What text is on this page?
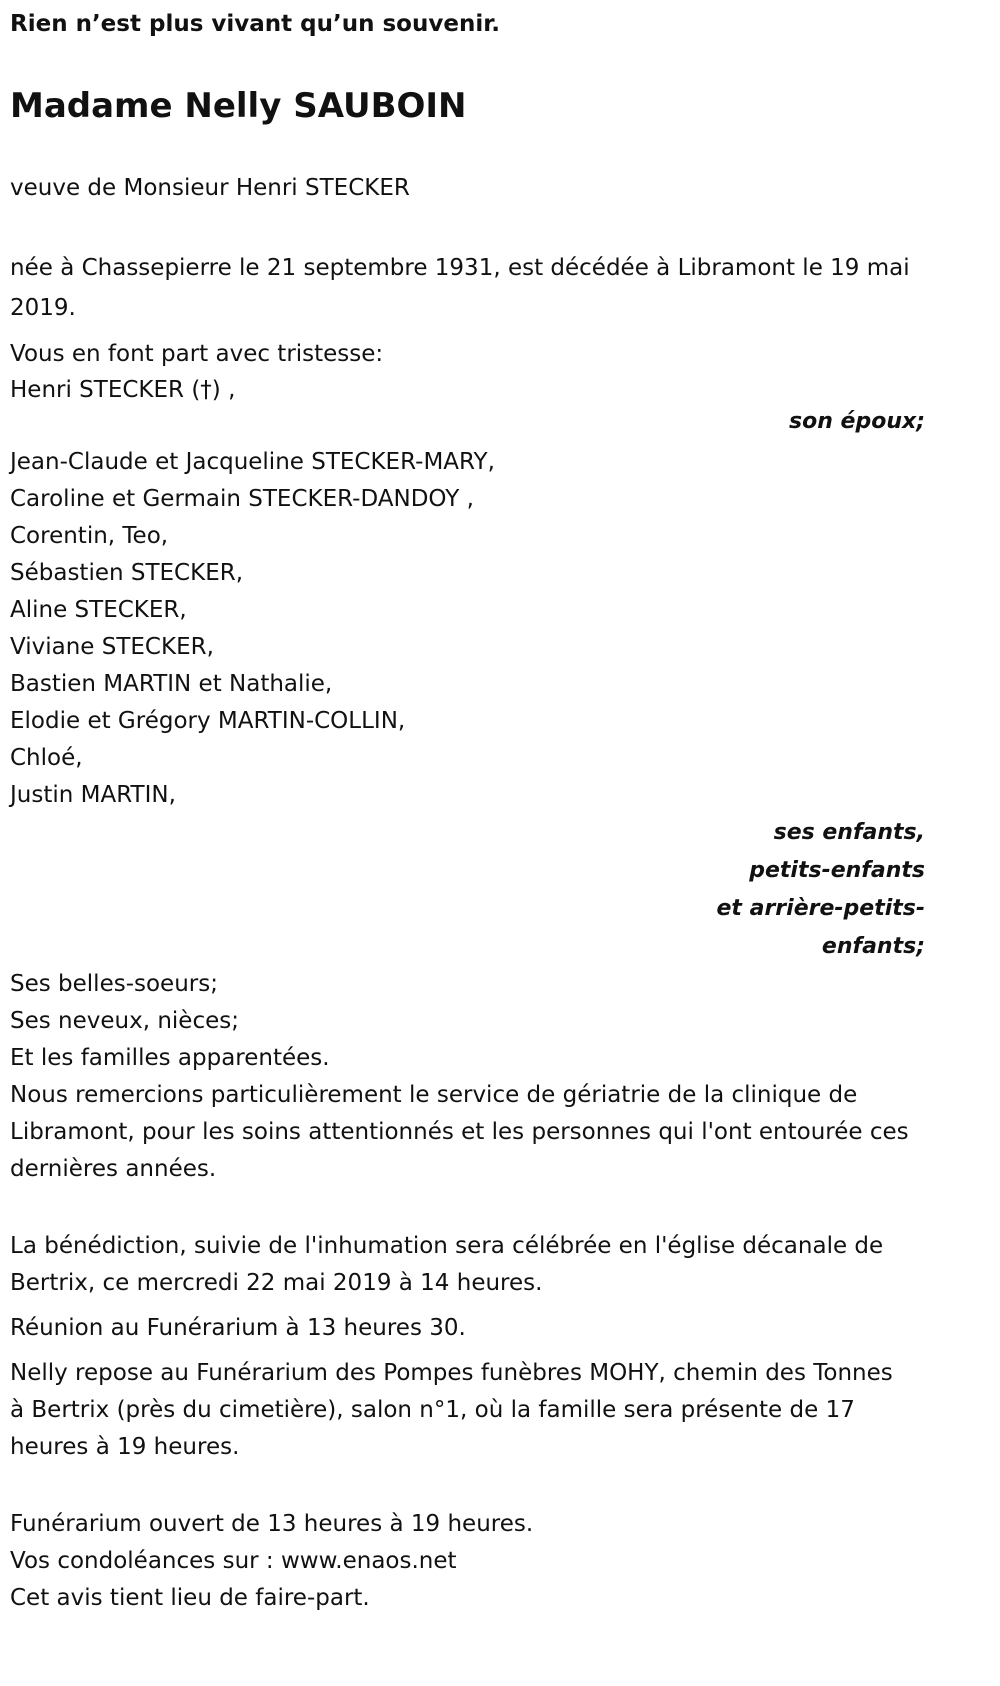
Rien n’est plus vivant qu’un souvenir.
Madame Nelly SAUBOIN
veuve de Monsieur Henri STECKER
née à Chassepierre le 21 septembre 1931, est décédée à Libramont le 19 mai 2019.
Vous en font part avec tristesse:
Henri STECKER (†) ,
son époux;
Jean-Claude et Jacqueline STECKER-MARY,
Caroline et Germain STECKER-DANDOY ,
Corentin, Teo,
Sébastien STECKER,
Aline STECKER,
Viviane STECKER,
Bastien MARTIN et Nathalie,
Elodie et Grégory MARTIN-COLLIN,
Chloé,
Justin MARTIN,
ses enfants, petits-enfants
et arrière-petits-enfants;
Ses belles-soeurs;
Ses neveux, nièces;
Et les familles apparentées.
Nous remercions particulièrement le service de gériatrie de la clinique de Libramont, pour les soins attentionnés et les personnes qui l'ont entourée ces dernières années.
La bénédiction, suivie de l'inhumation sera célébrée en l'église décanale de Bertrix, ce mercredi 22 mai 2019 à 14 heures.
Réunion au Funérarium à 13 heures 30.
Nelly repose au Funérarium des Pompes funèbres MOHY, chemin des Tonnes à Bertrix (près du cimetière), salon n°1, où la famille sera présente de 17 heures à 19 heures.
Funérarium ouvert de 13 heures à 19 heures.
Vos condoléances sur : www.enaos.net
Cet avis tient lieu de faire-part.
